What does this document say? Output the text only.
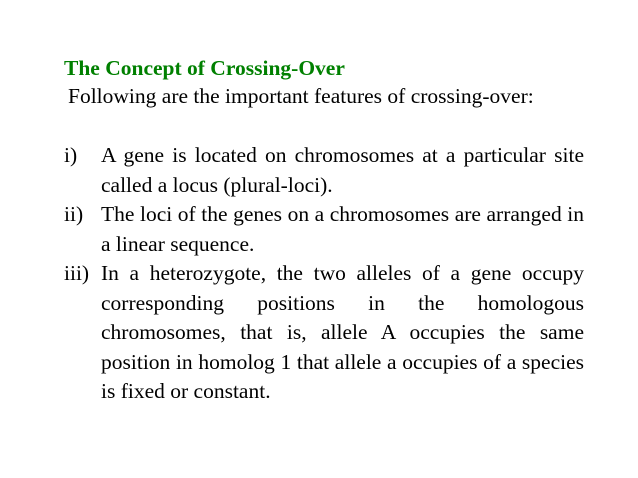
The Concept of Crossing-Over

Following are the important features of crossing-over:

i)	A gene is located on chromosomes at a particular site called a locus (plural-loci).
ii) The loci of the genes on a chromosomes are arranged in a linear sequence.
iii) In a heterozygote, the two alleles of a gene occupy corresponding positions in the homologous chromosomes, that is, allele A occupies the same position in homolog 1 that allele a occupies of a species is fixed or constant.
